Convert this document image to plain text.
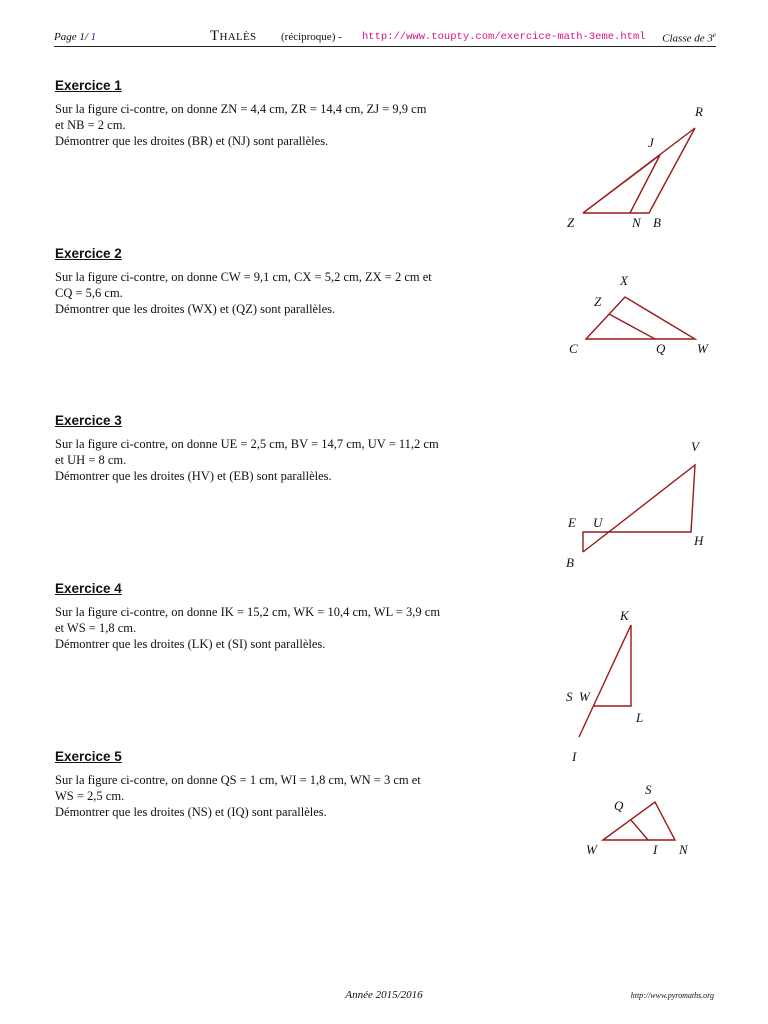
Page 1/ 1	Thalès (réciproque) - http://www.toupty.com/exercice-math-3eme.html Classe de 3e
Exercice 1

Sur la figure ci-contre, on donne ZN = 4,4 cm, ZR = 14,4 cm, ZJ = 9,9 cm
et NB = 2 cm.
Démontrer que les droites (BR) et (NJ) sont parallèles.

Exercice 2

Sur la figure ci-contre, on donne CW = 9,1 cm, CX = 5,2 cm, ZX = 2 cm et
CQ = 5,6 cm.
Démontrer que les droites (WX) et (QZ) sont parallèles.

Exercice 3

Sur la figure ci-contre, on donne UE = 2,5 cm, BV = 14,7 cm, UV = 11,2 cm
et UH = 8 cm.
Démontrer que les droites (HV) et (EB) sont parallèles.

Exercice 4

Sur la figure ci-contre, on donne IK = 15,2 cm, WK = 10,4 cm, WL = 3,9 cm
et WS = 1,8 cm.
Démontrer que les droites (LK) et (SI) sont parallèles.

Exercice 5

Sur la figure ci-contre, on donne QS = 1 cm, WI = 1,8 cm, WN = 3 cm et
WS = 2,5 cm.
Démontrer que les droites (NS) et (IQ) sont parallèles.

R
J
Z	N B
X
Z
C	Q W
V
E U
H
B
K
S W
L
I
S
Q
W	I N
Année 2015/2016	http://www.pyromaths.org
